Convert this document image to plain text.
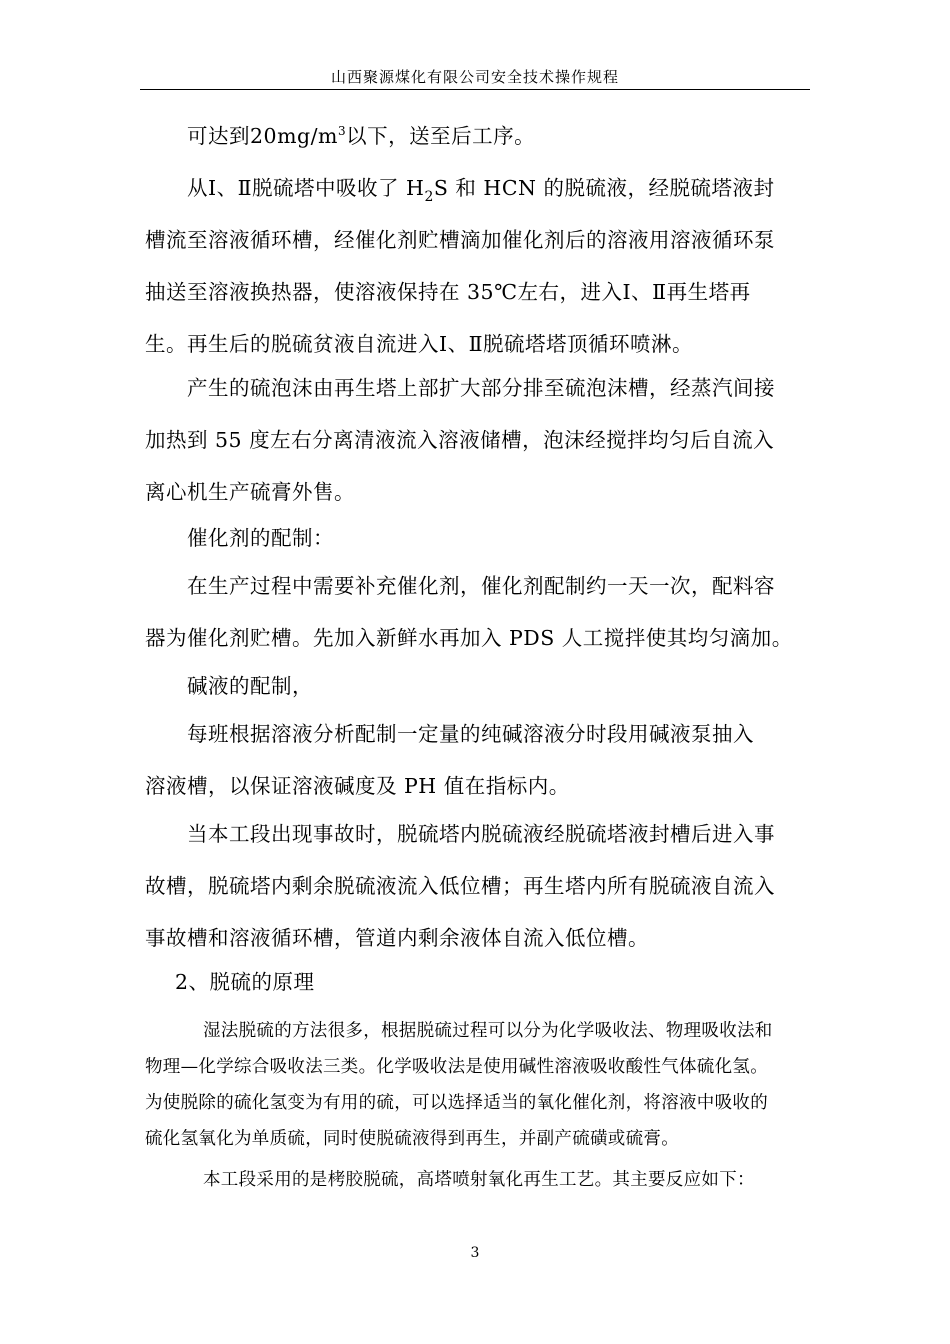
山西聚源煤化有限公司安全技术操作规程
可达到$20mg/m^3$以下，送至后工序。
从Ⅰ、Ⅱ脱硫塔中吸收了 $H_2S$ 和 HCN 的脱硫液，经脱硫塔液封
槽流至溶液循环槽，经催化剂贮槽滴加催化剂后的溶液用溶液循环泵
抽送至溶液换热器，使溶液保持在 35℃左右，进入Ⅰ、Ⅱ再生塔再
生。再生后的脱硫贫液自流进入Ⅰ、Ⅱ脱硫塔塔顶循环喷淋。
产生的硫泡沫由再生塔上部扩大部分排至硫泡沫槽，经蒸汽间接
加热到 55 度左右分离清液流入溶液储槽，泡沫经搅拌均匀后自流入
离心机生产硫膏外售。
催化剂的配制：
在生产过程中需要补充催化剂，催化剂配制约一天一次，配料容
器为催化剂贮槽。先加入新鲜水再加入 PDS 人工搅拌使其均匀滴加。
碱液的配制，
每班根据溶液分析配制一定量的纯碱溶液分时段用碱液泵抽入
溶液槽，以保证溶液碱度及 PH 值在指标内。
当本工段出现事故时，脱硫塔内脱硫液经脱硫塔液封槽后进入事
故槽，脱硫塔内剩余脱硫液流入低位槽；再生塔内所有脱硫液自流入
事故槽和溶液循环槽，管道内剩余液体自流入低位槽。
2、脱硫的原理
湿法脱硫的方法很多，根据脱硫过程可以分为化学吸收法、物理吸收法和
物理—化学综合吸收法三类。化学吸收法是使用碱性溶液吸收酸性气体硫化氢。
为使脱除的硫化氢变为有用的硫，可以选择适当的氧化催化剂，将溶液中吸收的
硫化氢氧化为单质硫，同时使脱硫液得到再生，并副产硫磺或硫膏。
本工段采用的是栲胶脱硫，高塔喷射氧化再生工艺。其主要反应如下：
3
